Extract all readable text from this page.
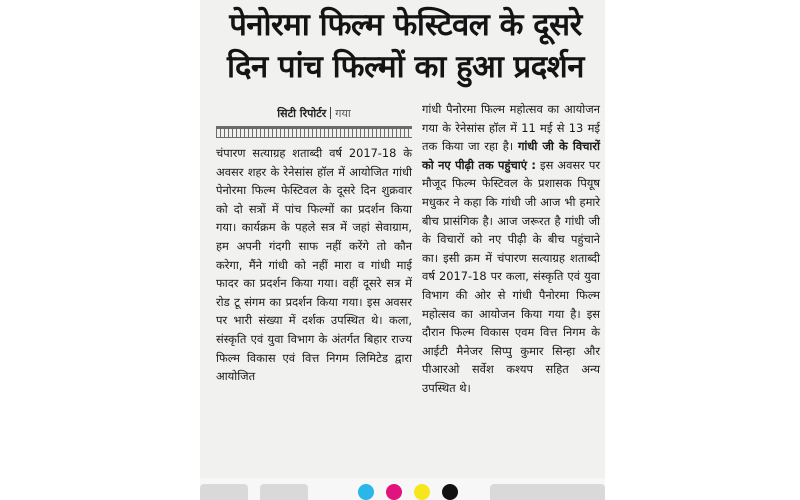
पेनोरमा फिल्म फेस्टिवल के दूसरे
दिन पांच फिल्मों का हुआ प्रदर्शन
सिटी रिपोर्टर गया
चंपारण सत्याग्रह शताब्दी वर्ष 2017-18 के अवसर शहर के रेनेसांस हॉल में आयोजित गांधी पेनोरमा फिल्म फेस्टिवल के दूसरे दिन शुक्रवार को दो सत्रों में पांच फिल्मों का प्रदर्शन किया गया। कार्यक्रम के पहले सत्र में जहां सेवाग्राम, हम अपनी गंदगी साफ नहीं करेंगे तो कौन करेगा, मैंने गांधी को नहीं मारा व गांधी माई फादर का प्रदर्शन किया गया। वहीं दूसरे सत्र में रोड टू संगम का प्रदर्शन किया गया। इस अवसर पर भारी संख्या में दर्शक उपस्थित थे। कला, संस्कृति एवं युवा विभाग के अंतर्गत बिहार राज्य फिल्म विकास एवं वित्त निगम लिमिटेड द्वारा आयोजित
गांधी पैनोरमा फिल्म महोत्सव का आयोजन गया के रेनेसांस हॉल में 11 मई से 13 मई तक किया जा रहा है। गांधी जी के विचारों को नए पीढ़ी तक पहुंचाएं : इस अवसर पर मौजूद फिल्म फेस्टिवल के प्रशासक पियूष मधुकर ने कहा कि गांधी जी आज भी हमारे बीच प्रासंगिक है। आज जरूरत है गांधी जी के विचारों को नए पीढ़ी के बीच पहुंचाने का। इसी क्रम में चंपारण सत्याग्रह शताब्दी वर्ष 2017-18 पर कला, संस्कृति एवं युवा विभाग की ओर से गांधी पैनोरमा फिल्म महोत्सव का आयोजन किया गया है। इस दौरान फिल्म विकास एवम वित्त निगम के आईटी मैनेजर सिप्पु कुमार सिन्हा और पीआरओ सर्वेश कश्यप सहित अन्य उपस्थित थे।
